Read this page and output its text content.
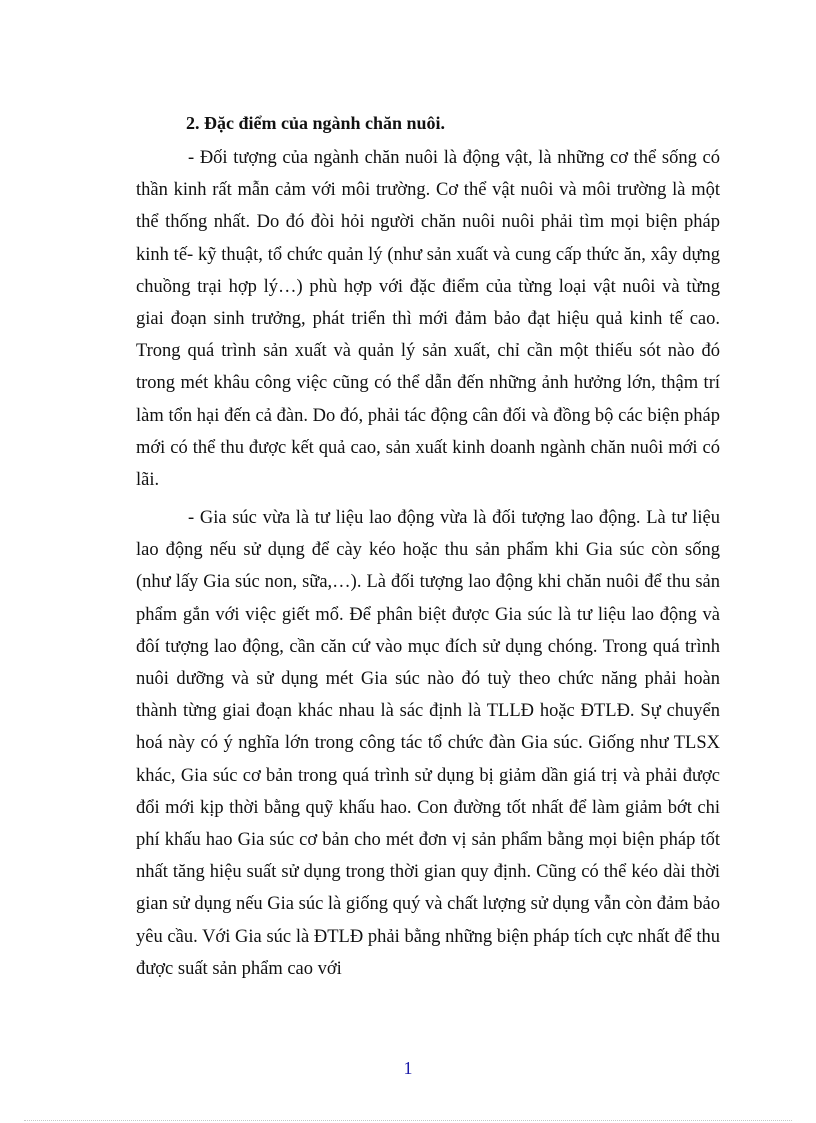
2. Đặc điểm của ngành chăn nuôi.

- Đối tượng của ngành chăn nuôi là động vật, là những cơ thể sống có thần kinh rất mẫn cảm với môi trường. Cơ thể vật nuôi và môi trường là một thể thống nhất. Do đó đòi hỏi người chăn nuôi nuôi phải tìm mọi biện pháp kinh tế- kỹ thuật, tổ chức quản lý (như sản xuất và cung cấp thức ăn, xây dựng chuồng trại hợp lý…) phù hợp với đặc điểm của từng loại vật nuôi và từng giai đoạn sinh trưởng, phát triển thì mới đảm bảo đạt hiệu quả kinh tế cao. Trong quá trình sản xuất và quản lý sản xuất, chỉ cần một thiếu sót nào đó trong mét khâu công việc cũng có thể dẫn đến những ảnh hưởng lớn, thậm trí làm tổn hại đến cả đàn. Do đó, phải tác động cân đối và đồng bộ các biện pháp mới có thể thu được kết quả cao, sản xuất kinh doanh ngành chăn nuôi mới có lãi.

- Gia súc vừa là tư liệu lao động vừa là đối tượng lao động. Là tư liệu lao động nếu sử dụng để cày kéo hoặc thu sản phẩm khi Gia súc còn sống (như lấy Gia súc non, sữa,…). Là đối tượng lao động khi chăn nuôi để thu sản phẩm gắn với việc giết mổ. Để phân biệt được Gia súc là tư liệu lao động và đôí tượng lao động, cần căn cứ vào mục đích sử dụng chóng. Trong quá trình nuôi dưỡng và sử dụng mét Gia súc nào đó tuỳ theo chức năng phải hoàn thành từng giai đoạn khác nhau là sác định là TLLĐ hoặc ĐTLĐ. Sự chuyển hoá này có ý nghĩa lớn trong công tác tổ chức đàn Gia súc. Giống như TLSX khác, Gia súc cơ bản trong quá trình sử dụng bị giảm dần giá trị và phải được đổi mới kịp thời bằng quỹ khấu hao. Con đường tốt nhất để làm giảm bớt chi phí khấu hao Gia súc cơ bản cho mét đơn vị sản phẩm bằng mọi biện pháp tốt nhất tăng hiệu suất sử dụng trong thời gian quy định. Cũng có thể kéo dài thời gian sử dụng nếu Gia súc là giống quý và chất lượng sử dụng vẫn còn đảm bảo yêu cầu. Với Gia súc là ĐTLĐ phải bằng những biện pháp tích cực nhất để thu được suất sản phẩm cao với

1
